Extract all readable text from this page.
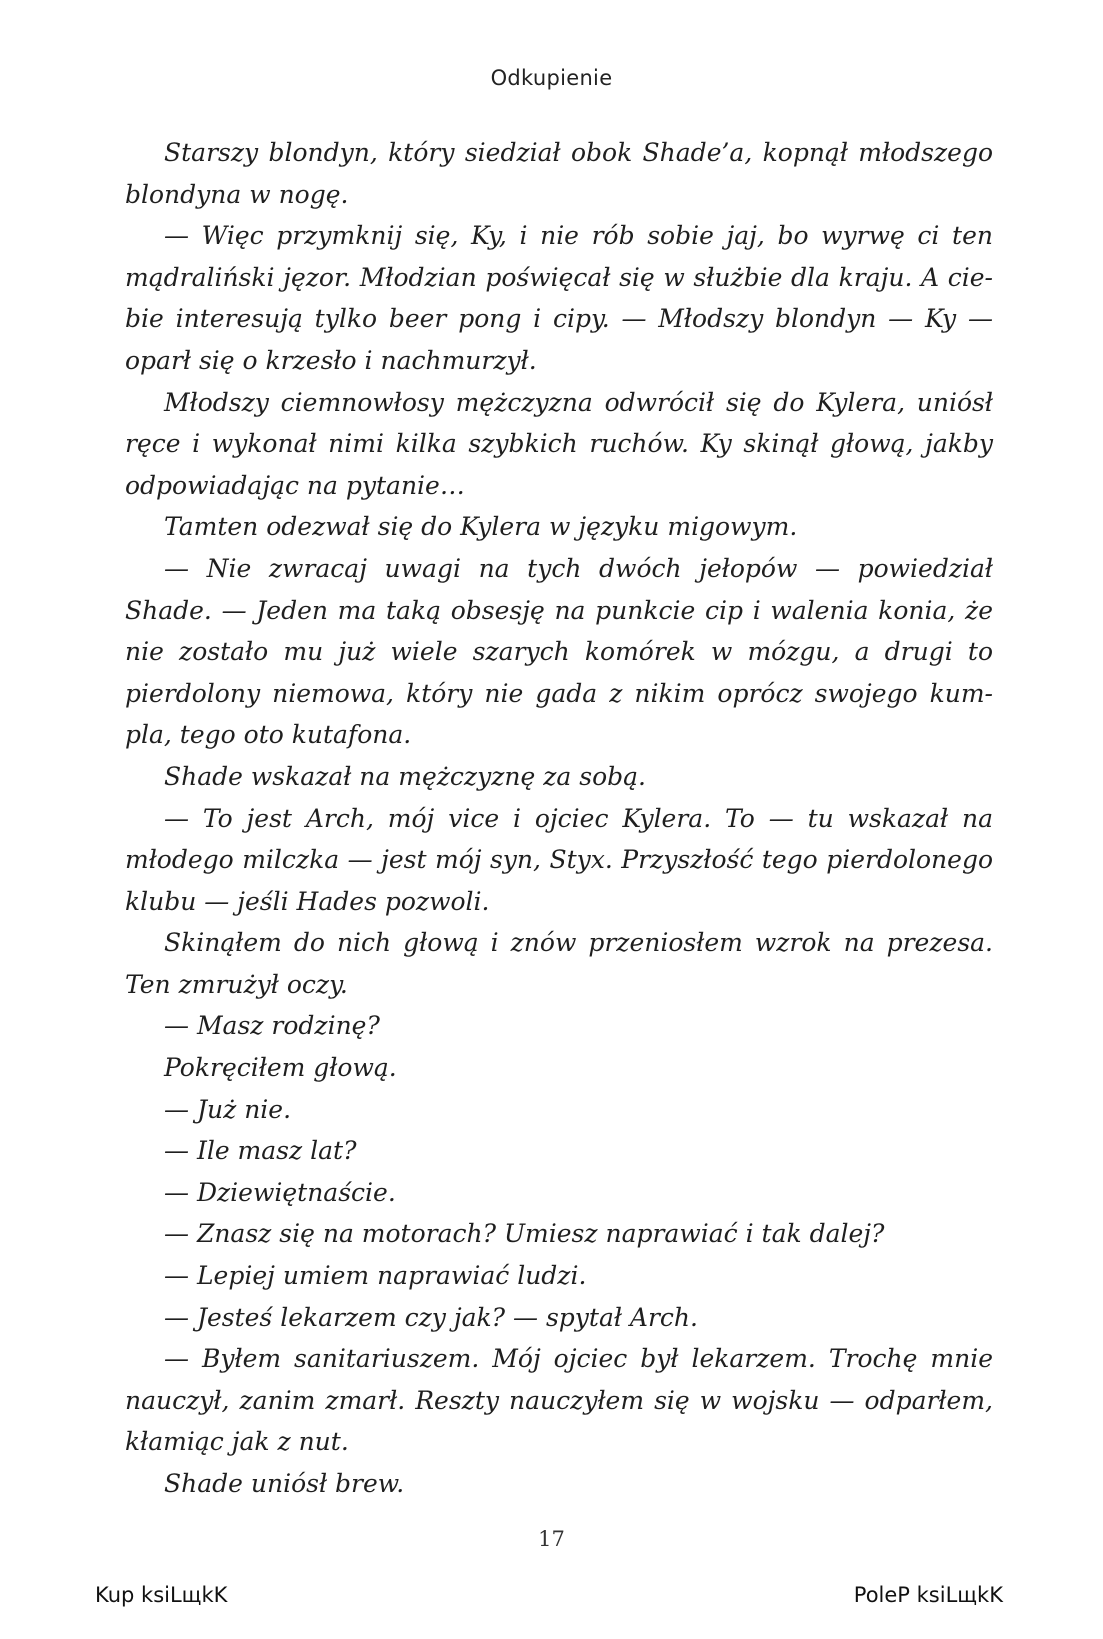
Odkupienie

Starszy blondyn, który siedział obok Shade’a, kopnął młodszego blondyna w nogę.

— Więc przymknij się, Ky, i nie rób sobie jaj, bo wyrwę ci ten mądraliński jęzor. Młodzian poświęcał się w służbie dla kraju. A ciebie interesują tylko beer pong i cipy. — Młodszy blondyn — Ky — oparł się o krzesło i nachmurzył.

Młodszy ciemnowłosy mężczyzna odwrócił się do Kylera, uniósł ręce i wykonał nimi kilka szybkich ruchów. Ky skinął głową, jakby odpowiadając na pytanie…

Tamten odezwał się do Kylera w języku migowym.

— Nie zwracaj uwagi na tych dwóch jełopów — powiedział Shade. — Jeden ma taką obsesję na punkcie cip i walenia konia, że nie zostało mu już wiele szarych komórek w mózgu, a drugi to pierdolony niemowa, który nie gada z nikim oprócz swojego kumpla, tego oto kutafona.

Shade wskazał na mężczyznę za sobą.

— To jest Arch, mój vice i ojciec Kylera. To — tu wskazał na młodego milczka — jest mój syn, Styx. Przyszłość tego pierdolonego klubu — jeśli Hades pozwoli.

Skinąłem do nich głową i znów przeniosłem wzrok na prezesa. Ten zmrużył oczy.

— Masz rodzinę?

Pokręciłem głową.

— Już nie.

— Ile masz lat?

— Dziewiętnaście.

— Znasz się na motorach? Umiesz naprawiać i tak dalej?

— Lepiej umiem naprawiać ludzi.

— Jesteś lekarzem czy jak? — spytał Arch.

— Byłem sanitariuszem. Mój ojciec był lekarzem. Trochę mnie nauczył, zanim zmarł. Reszty nauczyłem się w wojsku — odparłem, kłamiąc jak z nut.

Shade uniósł brew.

17
Kup ksiLщkK	PoleP ksiLщkK
